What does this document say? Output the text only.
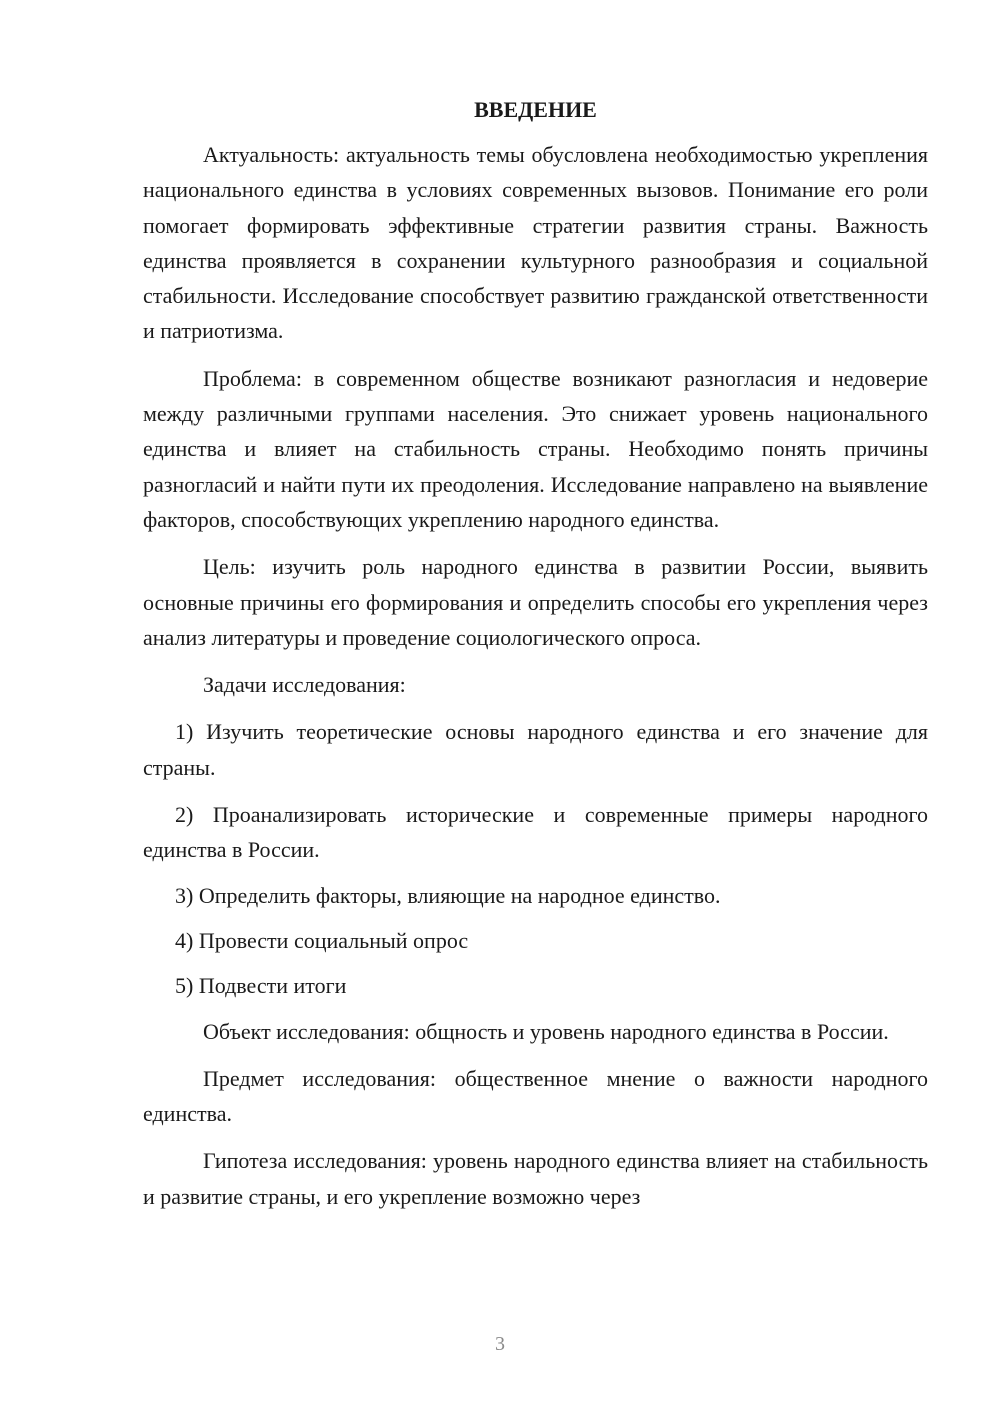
ВВЕДЕНИЕ

Актуальность: актуальность темы обусловлена необходимостью укрепления национального единства в условиях современных вызовов. Понимание его роли помогает формировать эффективные стратегии развития страны. Важность единства проявляется в сохранении культурного разнообразия и социальной стабильности. Исследование способствует развитию гражданской ответственности и патриотизма.

Проблема: в современном обществе возникают разногласия и недоверие между различными группами населения. Это снижает уровень национального единства и влияет на стабильность страны. Необходимо понять причины разногласий и найти пути их преодоления. Исследование направлено на выявление факторов, способствующих укреплению народного единства.

Цель: изучить роль народного единства в развитии России, выявить основные причины его формирования и определить способы его укрепления через анализ литературы и проведение социологического опроса.

Задачи исследования:

1) Изучить теоретические основы народного единства и его значение для страны.

2) Проанализировать исторические и современные примеры народного единства в России.

3) Определить факторы, влияющие на народное единство.

4) Провести социальный опрос

5) Подвести итоги

Объект исследования: общность и уровень народного единства в России.

Предмет исследования: общественное мнение о важности народного единства.

Гипотеза исследования: уровень народного единства влияет на стабильность и развитие страны, и его укрепление возможно через

3
